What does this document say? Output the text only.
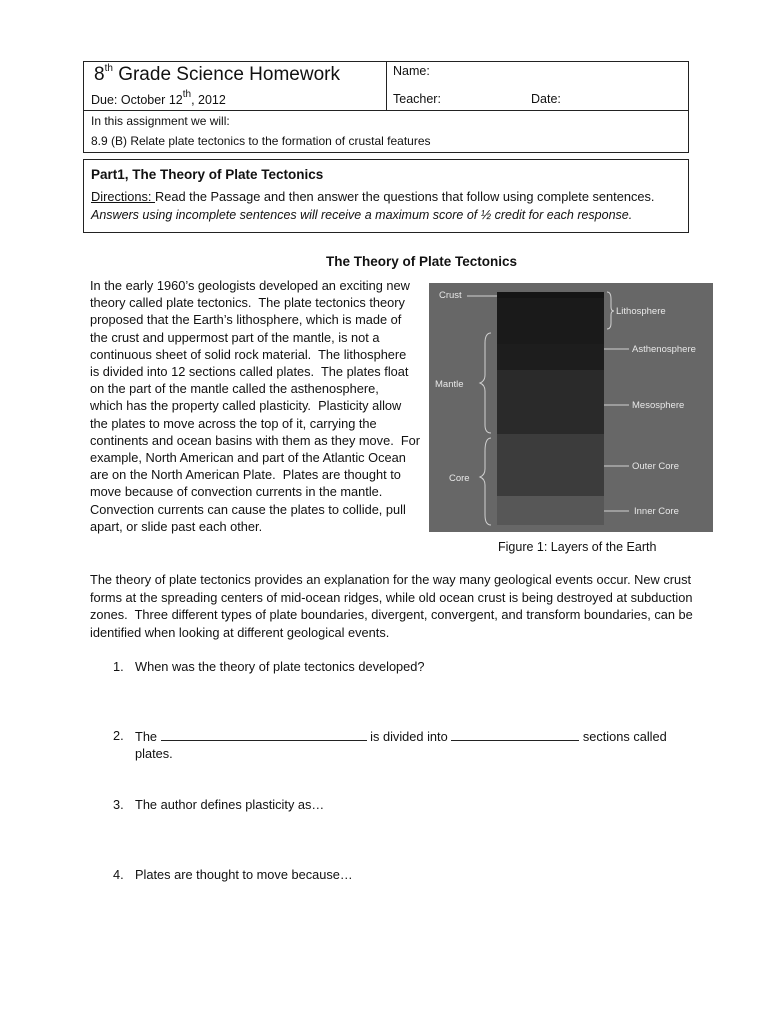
8th Grade Science Homework
Due: October 12th, 2012
Name:
Teacher:	Date:
In this assignment we will:
8.9 (B) Relate plate tectonics to the formation of crustal features
Part1, The Theory of Plate Tectonics
Directions: Read the Passage and then answer the questions that follow using complete sentences.
Answers using incomplete sentences will receive a maximum score of ½ credit for each response.
The Theory of Plate Tectonics
In the early 1960’s geologists developed an exciting new
theory called plate tectonics.  The plate tectonics theory
proposed that the Earth’s lithosphere, which is made of
the crust and uppermost part of the mantle, is not a
continuous sheet of solid rock material.  The lithosphere
is divided into 12 sections called plates.  The plates float
on the part of the mantle called the asthenosphere,
which has the property called plasticity.  Plasticity allow
the plates to move across the top of it, carrying the
continents and ocean basins with them as they move.  For
example, North American and part of the Atlantic Ocean
are on the North American Plate.  Plates are thought to
move because of convection currents in the mantle.
Convection currents can cause the plates to collide, pull
apart, or slide past each other.
Crust
Mantle
Core
Lithosphere
Asthenosphere
Mesosphere
Outer Core
Inner Core
Figure 1: Layers of the Earth
The theory of plate tectonics provides an explanation for the way many geological events occur. New crust
forms at the spreading centers of mid-ocean ridges, while old ocean crust is being destroyed at subduction
zones.  Three different types of plate boundaries, divergent, convergent, and transform boundaries, can be
identified when looking at different geological events.
1. When was the theory of plate tectonics developed?
2. The	is divided into	sections called
plates.
3. The author defines plasticity as…
4. Plates are thought to move because…
